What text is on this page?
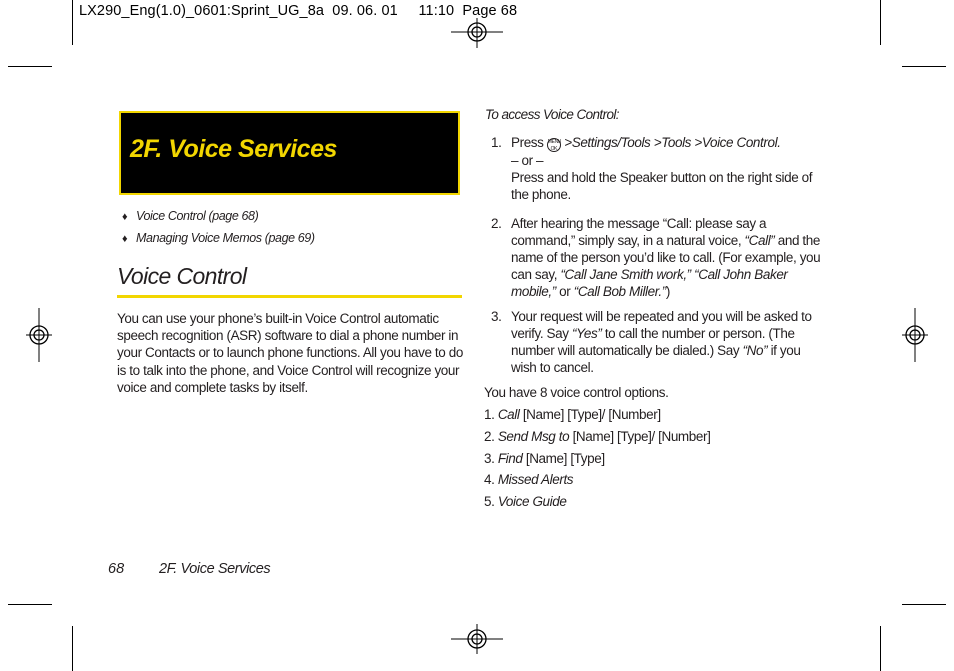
LX290_Eng(1.0)_0601:Sprint_UG_8a  09. 06. 01     11:10  Page 68
2F. Voice Services
♦ Voice Control (page 68)
♦ Managing Voice Memos (page 69)
Voice Control
You can use your phone’s built-in Voice Control automatic speech recognition (ASR) software to dial a phone number in your Contacts or to launch phone functions. All you have to do is to talk into the phone, and Voice Control will recognize your voice and complete tasks by itself.
To access Voice Control:
1. Press MENU
OK >Settings/Tools >Tools >Voice Control.
– or –
Press and hold the Speaker button on the right side of the phone.
2. After hearing the message “Call: please say a command,” simply say, in a natural voice, “Call” and the name of the person you’d like to call. (For example, you can say, “Call Jane Smith work,” “Call John Baker mobile,” or “Call Bob Miller.”)
3. Your request will be repeated and you will be asked to verify. Say “Yes” to call the number or person. (The number will automatically be dialed.) Say “No” if you wish to cancel.
You have 8 voice control options.
1. Call [Name] [Type]/ [Number]
2. Send Msg to [Name] [Type]/ [Number]
3. Find [Name] [Type]
4. Missed Alerts
5. Voice Guide
68 2F. Voice Services
